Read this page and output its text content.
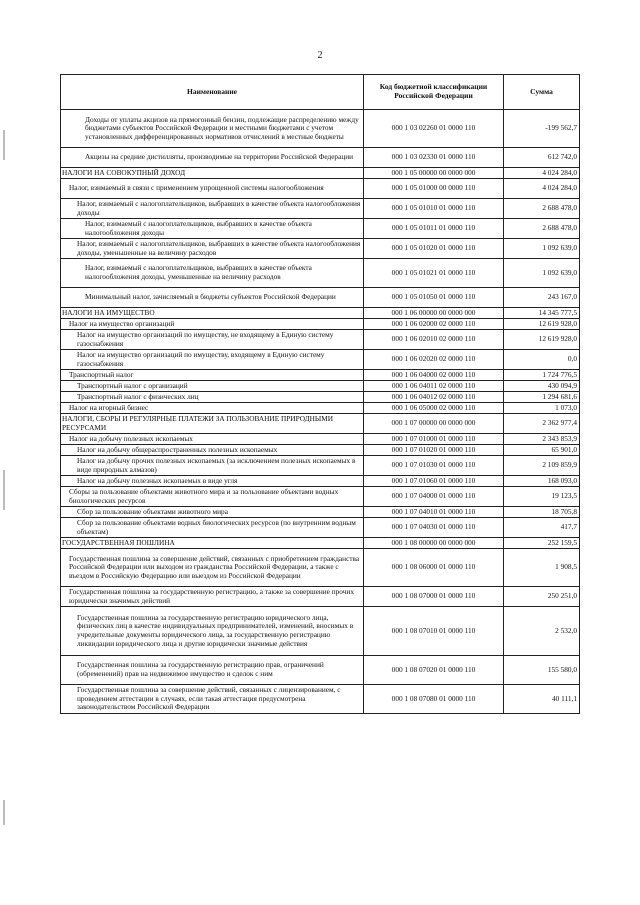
2
Наименование	Код бюджетной классификации Российской Федерации	Сумма
Доходы от уплаты акцизов на прямогонный бензин, подлежащие распределению между бюджетами субъектов Российской Федерации и местными бюджетами с учетом установленных дифференцированных нормативов отчислений в местные бюджеты	000 1 03 02260 01 0000 110	-199 562,7
Акцизы на средние дистилляты, производимые на территории Российской Федерации	000 1 03 02330 01 0000 110	612 742,0
НАЛОГИ НА СОВОКУПНЫЙ ДОХОД	000 1 05 00000 00 0000 000	4 024 284,0
Налог, взимаемый в связи с применением упрощенной системы налогообложения	000 1 05 01000 00 0000 110	4 024 284,0
Налог, взимаемый с налогоплательщиков, выбравших в качестве объекта налогообложения доходы	000 1 05 01010 01 0000 110	2 688 478,0
Налог, взимаемый с налогоплательщиков, выбравших в качестве объекта налогообложения доходы	000 1 05 01011 01 0000 110	2 688 478,0
Налог, взимаемый с налогоплательщиков, выбравших в качестве объекта налогообложения доходы, уменьшенные на величину расходов	000 1 05 01020 01 0000 110	1 092 639,0
Налог, взимаемый с налогоплательщиков, выбравших в качестве объекта налогообложения доходы, уменьшенные на величину расходов	000 1 05 01021 01 0000 110	1 092 639,0
Минимальный налог, зачисляемый в бюджеты субъектов Российской Федерации	000 1 05 01050 01 0000 110	243 167,0
НАЛОГИ НА ИМУЩЕСТВО	000 1 06 00000 00 0000 000	14 345 777,5
Налог на имущество организаций	000 1 06 02000 02 0000 110	12 619 928,0
Налог на имущество организаций по имуществу, не входящему в Единую систему газоснабжения	000 1 06 02010 02 0000 110	12 619 928,0
Налог на имущество организаций по имуществу, входящему в Единую систему газоснабжения	000 1 06 02020 02 0000 110	0,0
Транспортный налог	000 1 06 04000 02 0000 110	1 724 776,5
Транспортный налог с организаций	000 1 06 04011 02 0000 110	430 094,9
Транспортный налог с физических лиц	000 1 06 04012 02 0000 110	1 294 681,6
Налог на игорный бизнес	000 1 06 05000 02 0000 110	1 073,0
НАЛОГИ, СБОРЫ И РЕГУЛЯРНЫЕ ПЛАТЕЖИ ЗА ПОЛЬЗОВАНИЕ ПРИРОДНЫМИ РЕСУРСАМИ	000 1 07 00000 00 0000 000	2 362 977,4
Налог на добычу полезных ископаемых	000 1 07 01000 01 0000 110	2 343 853,9
Налог на добычу общераспространенных полезных ископаемых	000 1 07 01020 01 0000 110	65 901,0
Налог на добычу прочих полезных ископаемых (за исключением полезных ископаемых в виде природных алмазов)	000 1 07 01030 01 0000 110	2 109 859,9
Налог на добычу полезных ископаемых в виде угля	000 1 07 01060 01 0000 110	168 093,0
Сборы за пользование объектами животного мира и за пользование объектами водных биологических ресурсов	000 1 07 04000 01 0000 110	19 123,5
Сбор за пользование объектами животного мира	000 1 07 04010 01 0000 110	18 705,8
Сбор за пользование объектами водных биологических ресурсов (по внутренним водным объектам)	000 1 07 04030 01 0000 110	417,7
ГОСУДАРСТВЕННАЯ ПОШЛИНА	000 1 08 00000 00 0000 000	252 159,5
Государственная пошлина за совершение действий, связанных с приобретением гражданства Российской Федерации или выходом из гражданства Российской Федерации, а также с въездом в Российскую Федерацию или выездом из Российской Федерации	000 1 08 06000 01 0000 110	1 908,5
Государственная пошлина за государственную регистрацию, а также за совершение прочих юридически значимых действий	000 1 08 07000 01 0000 110	250 251,0
Государственная пошлина за государственную регистрацию юридического лица, физических лиц в качестве индивидуальных предпринимателей, изменений, вносимых в учредительные документы юридического лица, за государственную регистрацию ликвидации юридического лица и другие юридически значимые действия	000 1 08 07010 01 0000 110	2 532,0
Государственная пошлина за государственную регистрацию прав, ограничений (обременений) прав на недвижимое имущество и сделок с ним	000 1 08 07020 01 0000 110	155 580,0
Государственная пошлина за совершение действий, связанных с лицензированием, с проведением аттестации в случаях, если такая аттестация предусмотрена законодательством Российской Федерации	000 1 08 07080 01 0000 110	40 111,1
